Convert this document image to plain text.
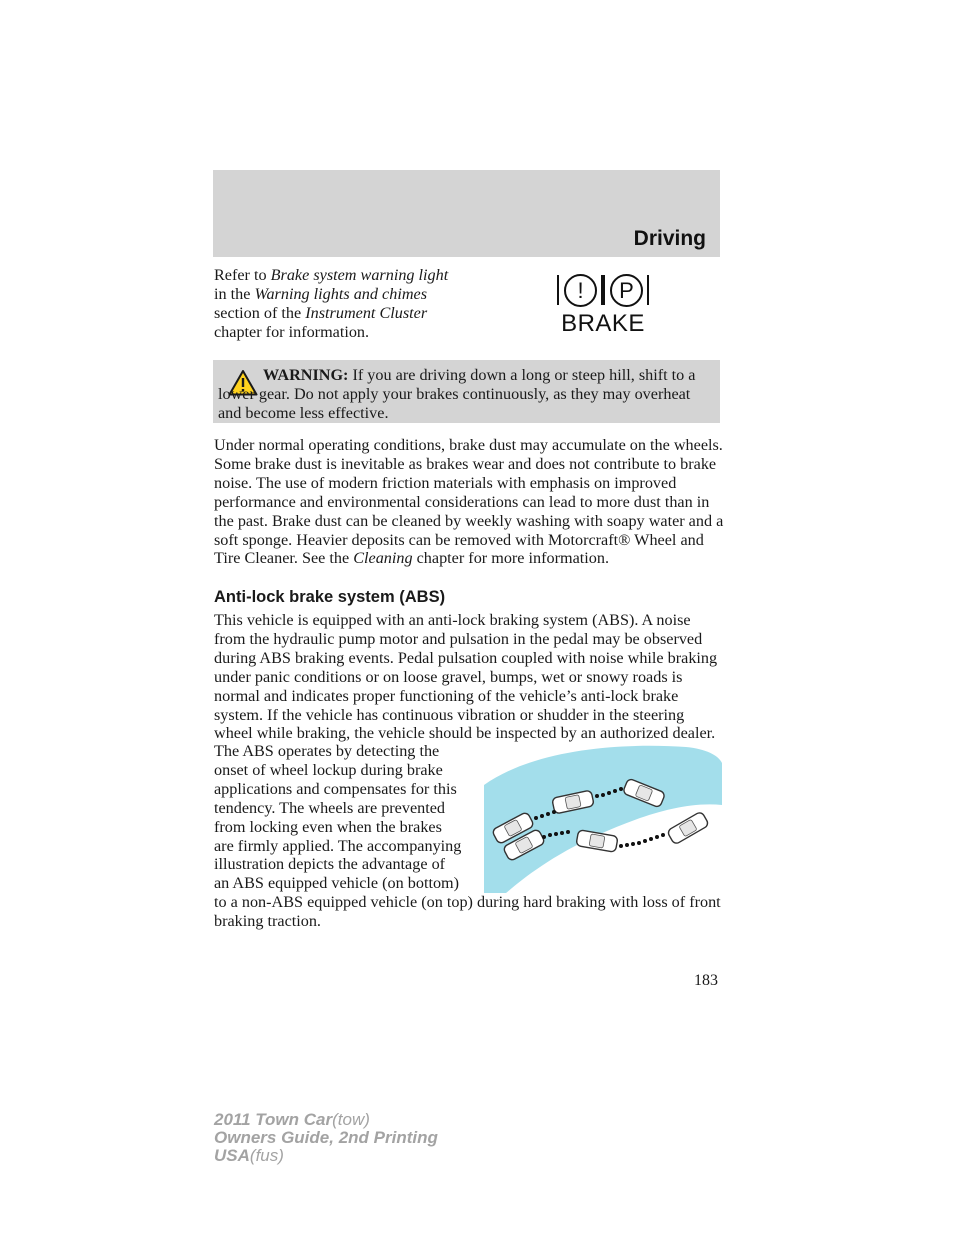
Driving

Refer to Brake system warning light in the Warning lights and chimes section of the Instrument Cluster chapter for information.

!	P
BRAKE

WARNING: If you are driving down a long or steep hill, shift to a lower gear. Do not apply your brakes continuously, as they may overheat and become less effective.

Under normal operating conditions, brake dust may accumulate on the wheels. Some brake dust is inevitable as brakes wear and does not contribute to brake noise. The use of modern friction materials with emphasis on improved performance and environmental considerations can lead to more dust than in the past. Brake dust can be cleaned by weekly washing with soapy water and a soft sponge. Heavier deposits can be removed with Motorcraft® Wheel and Tire Cleaner. See the Cleaning chapter for more information.

Anti-lock brake system (ABS)

This vehicle is equipped with an anti-lock braking system (ABS). A noise from the hydraulic pump motor and pulsation in the pedal may be observed during ABS braking events. Pedal pulsation coupled with noise while braking under panic conditions or on loose gravel, bumps, wet or snowy roads is normal and indicates proper functioning of the vehicle’s anti-lock brake system. If the vehicle has continuous vibration or shudder in the steering wheel while braking, the vehicle should be inspected by an authorized dealer.

The ABS operates by detecting the onset of wheel lockup during brake applications and compensates for this tendency. The wheels are prevented from locking even when the brakes are firmly applied. The accompanying illustration depicts the advantage of an ABS equipped vehicle (on bottom) to a non-ABS equipped vehicle (on top) during hard braking with loss of front braking traction.
183
2011 Town Car(tow)
Owners Guide, 2nd Printing
USA(fus)
